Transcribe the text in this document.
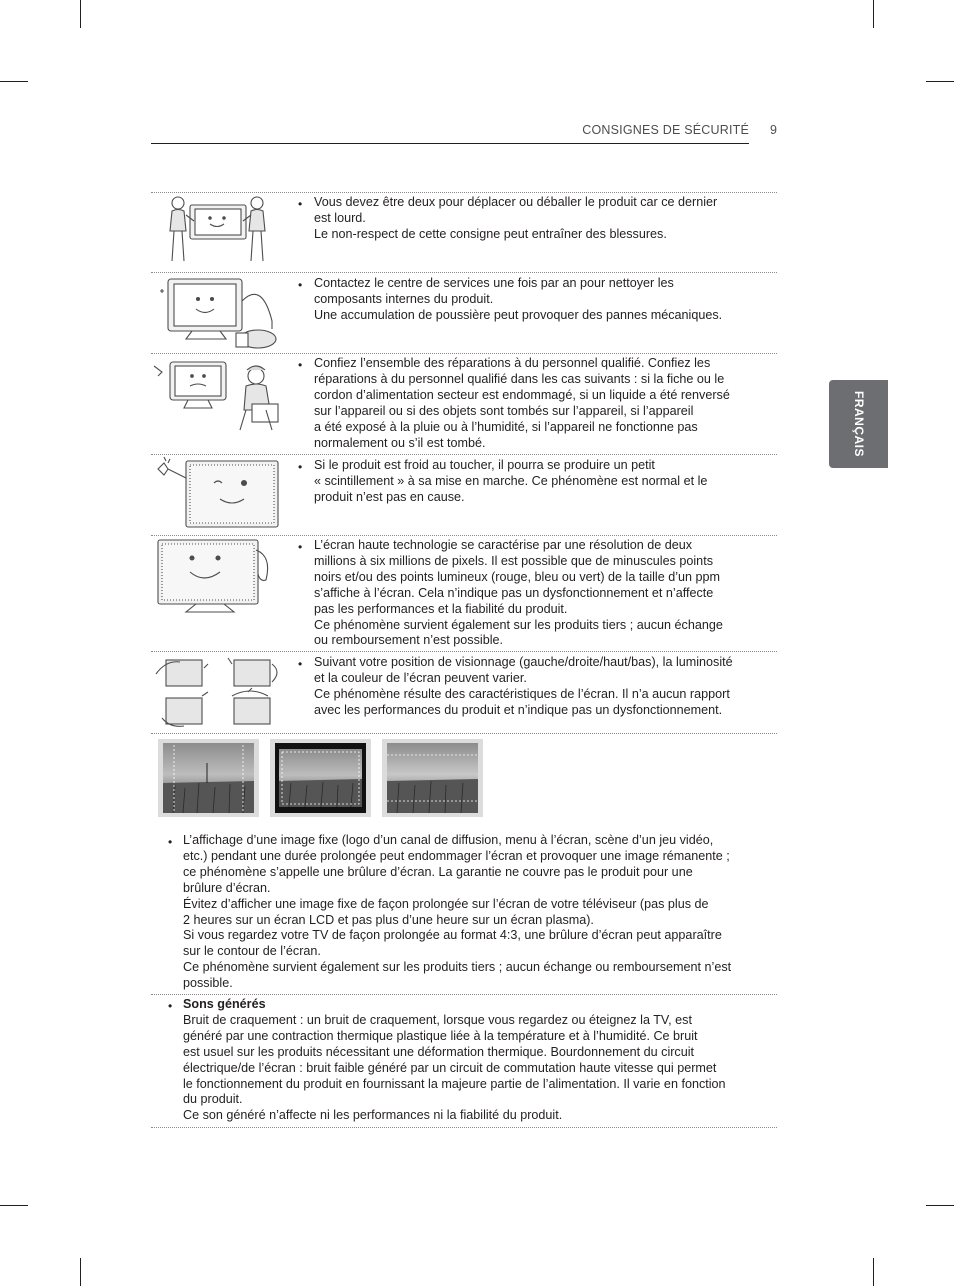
CONSIGNES DE SÉCURITÉ 9
FRANÇAIS
• Vous devez être deux pour déplacer ou déballer le produit car ce dernier

est lourd.

Le non-respect de cette consigne peut entraîner des blessures.

• Contactez le centre de services une fois par an pour nettoyer les

composants internes du produit.

Une accumulation de poussière peut provoquer des pannes mécaniques.

• Confiez l’ensemble des réparations à du personnel qualifié. Confiez les

réparations à du personnel qualifié dans les cas suivants : si la fiche ou le

cordon d’alimentation secteur est endommagé, si un liquide a été renversé

sur l’appareil ou si des objets sont tombés sur l’appareil, si l’appareil

a été exposé à la pluie ou à l’humidité, si l’appareil ne fonctionne pas

normalement ou s’il est tombé.

• Si le produit est froid au toucher, il pourra se produire un petit

« scintillement » à sa mise en marche. Ce phénomène est normal et le

produit n’est pas en cause.

• L’écran haute technologie se caractérise par une résolution de deux

millions à six millions de pixels. Il est possible que de minuscules points

noirs et/ou des points lumineux (rouge, bleu ou vert) de la taille d’un ppm

s’affiche à l’écran. Cela n’indique pas un dysfonctionnement et n’affecte

pas les performances et la fiabilité du produit.

Ce phénomène survient également sur les produits tiers ; aucun échange

ou remboursement n’est possible.

• Suivant votre position de visionnage (gauche/droite/haut/bas), la luminosité

et la couleur de l’écran peuvent varier.

Ce phénomène résulte des caractéristiques de l’écran. Il n’a aucun rapport

avec les performances du produit et n’indique pas un dysfonctionnement.

• L’affichage d’une image fixe (logo d’un canal de diffusion, menu à l’écran, scène d’un jeu vidéo,

etc.) pendant une durée prolongée peut endommager l’écran et provoquer une image rémanente ;

ce phénomène s’appelle une brûlure d’écran. La garantie ne couvre pas le produit pour une

brûlure d’écran.

Évitez d’afficher une image fixe de façon prolongée sur l’écran de votre téléviseur (pas plus de

2 heures sur un écran LCD et pas plus d’une heure sur un écran plasma).

Si vous regardez votre TV de façon prolongée au format 4:3, une brûlure d’écran peut apparaître

sur le contour de l’écran.

Ce phénomène survient également sur les produits tiers ; aucun échange ou remboursement n’est

possible.

• Sons générés

Bruit de craquement : un bruit de craquement, lorsque vous regardez ou éteignez la TV, est

généré par une contraction thermique plastique liée à la température et à l’humidité. Ce bruit

est usuel sur les produits nécessitant une déformation thermique. Bourdonnement du circuit

électrique/de l’écran : bruit faible généré par un circuit de commutation haute vitesse qui permet

le fonctionnement du produit en fournissant la majeure partie de l’alimentation. Il varie en fonction

du produit.

Ce son généré n’affecte ni les performances ni la fiabilité du produit.
